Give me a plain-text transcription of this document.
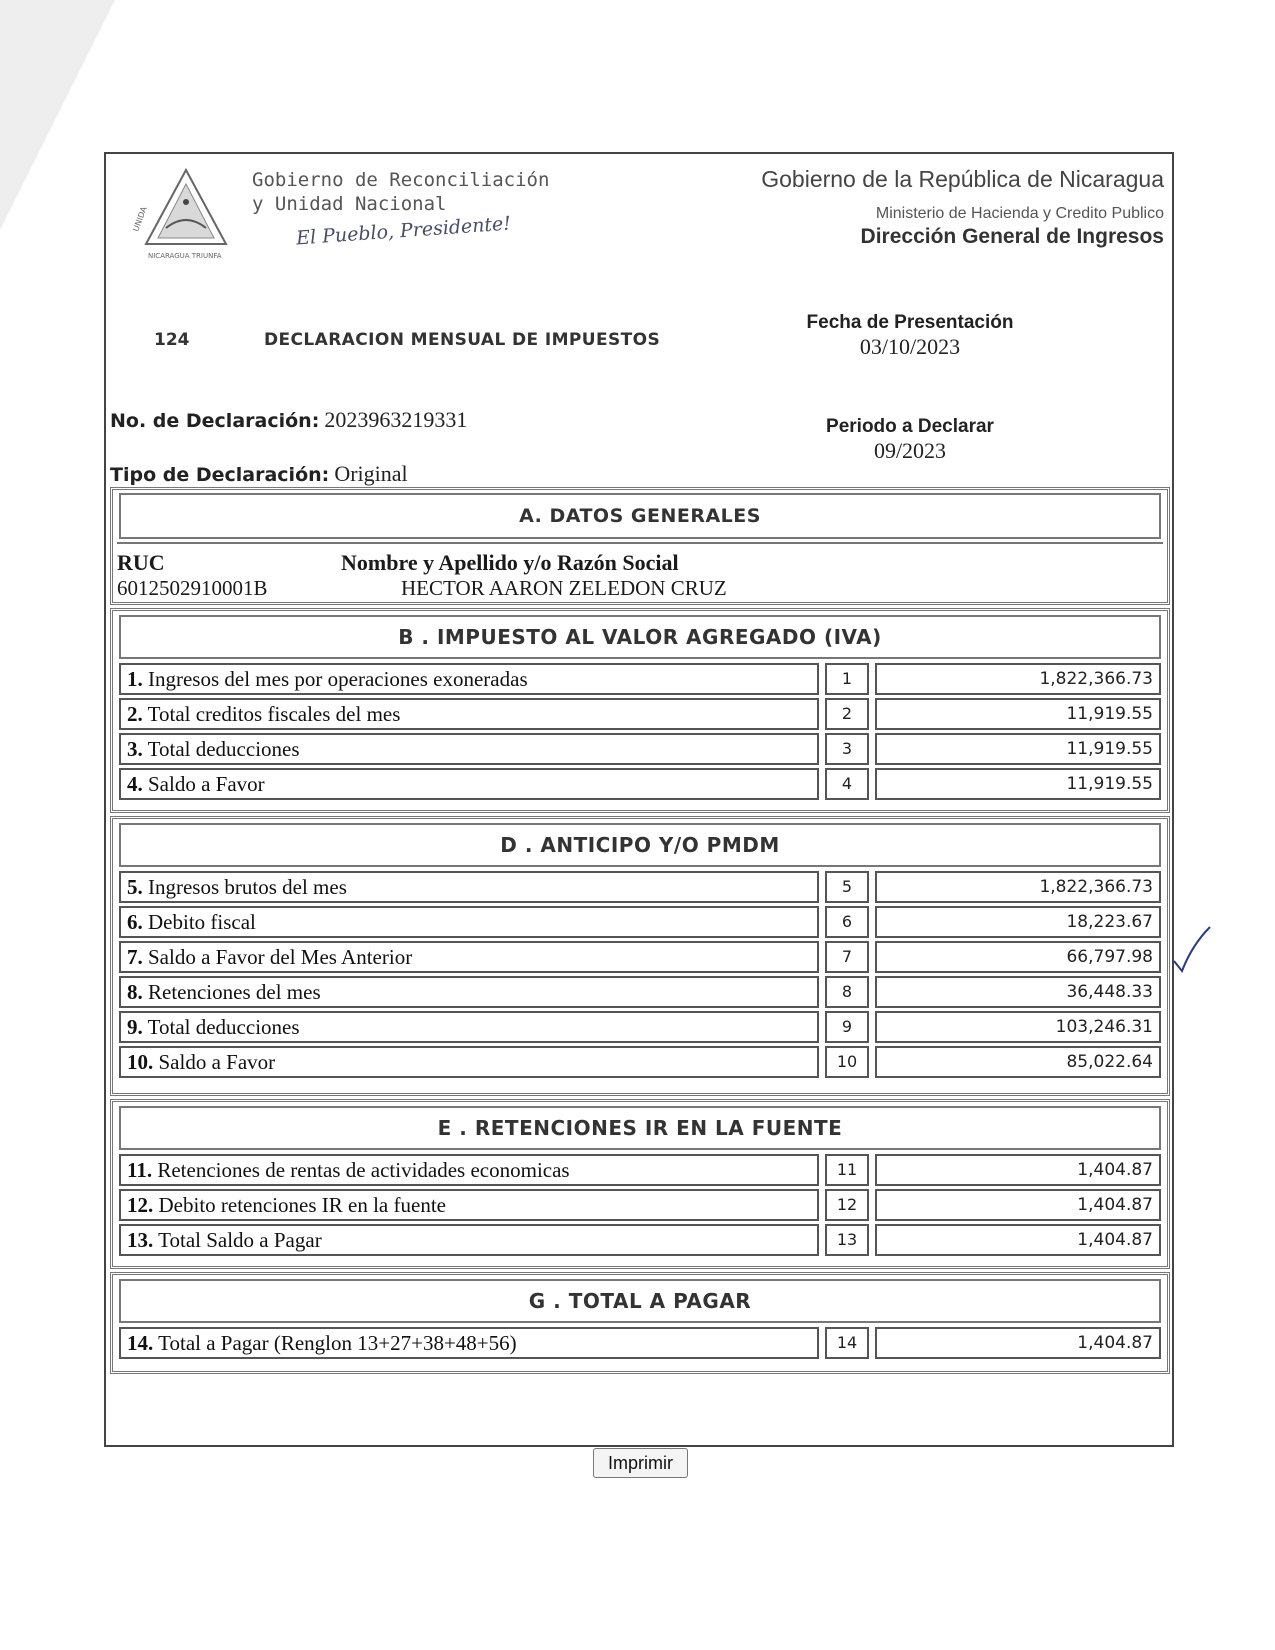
UNIDA
NICARAGUA TRIUNFA
Gobierno de Reconciliación
y Unidad Nacional
El Pueblo, Presidente!
Gobierno de la República de Nicaragua
Ministerio de Hacienda y Credito Publico
Dirección General de Ingresos
124	DECLARACION MENSUAL DE IMPUESTOS
Fecha de Presentación
03/10/2023
No. de Declaración: 2023963219331
Tipo de Declaración: Original
Periodo a Declarar
09/2023
A. DATOS GENERALES
RUC
6012502910001B
Nombre y Apellido y/o Razón Social
HECTOR AARON ZELEDON CRUZ
B . IMPUESTO AL VALOR AGREGADO (IVA)
1. Ingresos del mes por operaciones exoneradas	1	1,822,366.73
2. Total creditos fiscales del mes	2	11,919.55
3. Total deducciones	3	11,919.55
4. Saldo a Favor	4	11,919.55
D . ANTICIPO Y/O PMDM
5. Ingresos brutos del mes	5	1,822,366.73
6. Debito fiscal	6	18,223.67
7. Saldo a Favor del Mes Anterior	7	66,797.98
8. Retenciones del mes	8	36,448.33
9. Total deducciones	9	103,246.31
10. Saldo a Favor	10	85,022.64
E . RETENCIONES IR EN LA FUENTE
11. Retenciones de rentas de actividades economicas	11	1,404.87
12. Debito retenciones IR en la fuente	12	1,404.87
13. Total Saldo a Pagar	13	1,404.87
G . TOTAL A PAGAR
14. Total a Pagar (Renglon 13+27+38+48+56)	14	1,404.87
Imprimir
